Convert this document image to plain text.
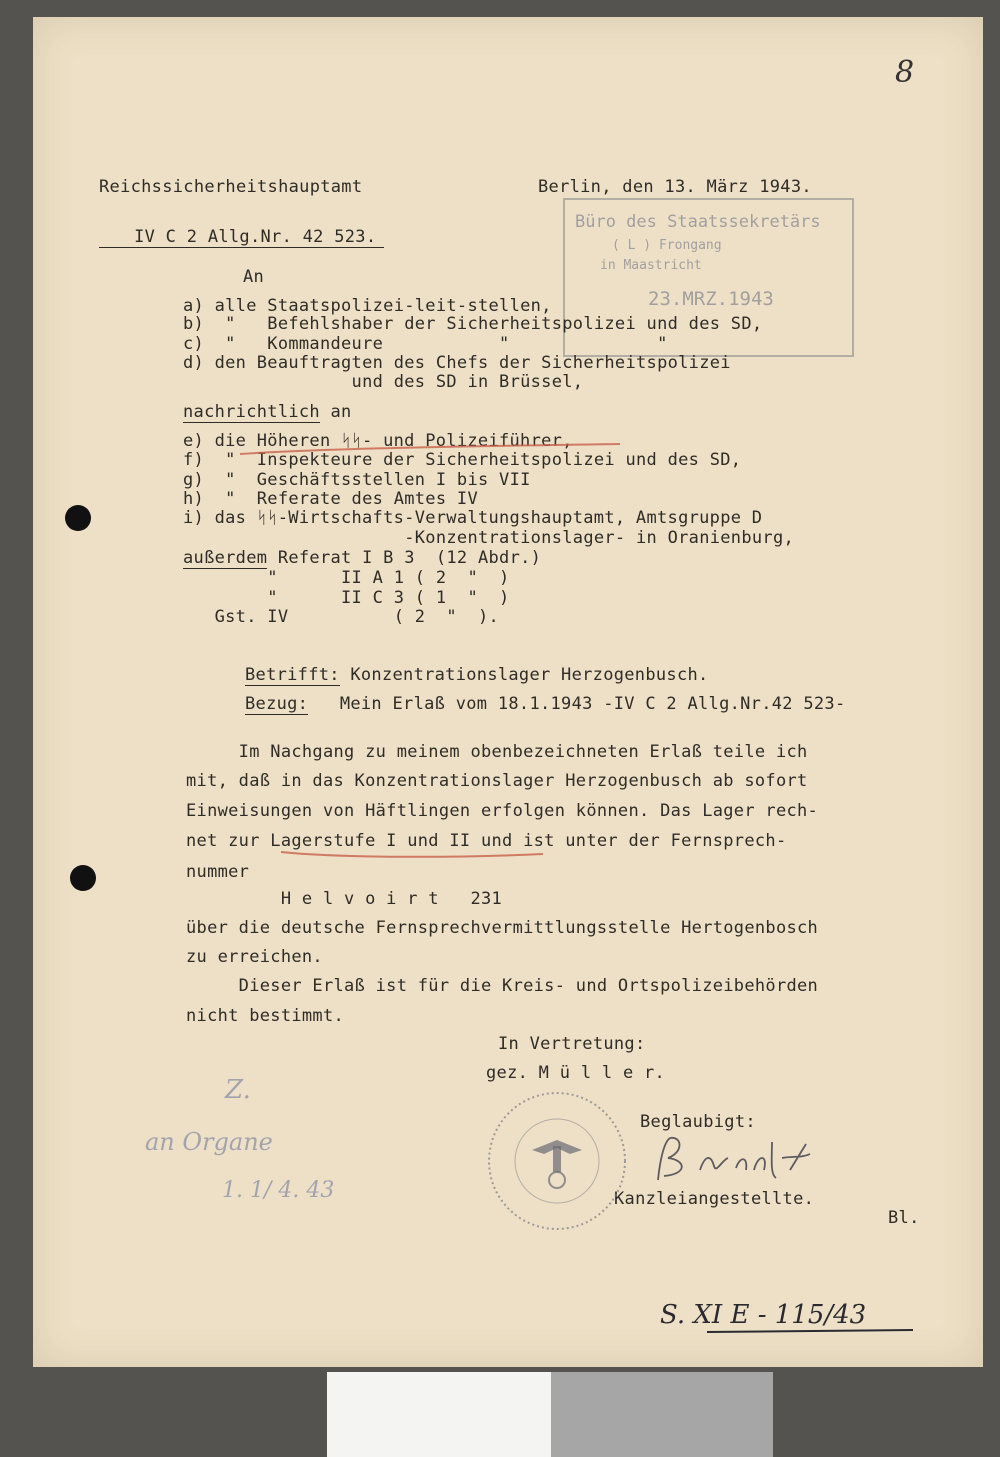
8
Reichssicherheitshauptamt

IV C 2 Allg.Nr. 42 523.

Berlin, den 13. März 1943.
Büro des Staatssekretärs
( L ) Frongang
in Maastricht
23.MRZ.1943
An
a) alle Staatspolizei-leit-stellen,
b)  "   Befehlshaber der Sicherheitspolizei und des SD,
c)  "   Kommandeure           "              "
d) den Beauftragten des Chefs der Sicherheitspolizei
und des SD in Brüssel,
nachrichtlich an
e) die Höheren ᛋᛋ- und Polizeiführer,
f)  "  Inspekteure der Sicherheitspolizei und des SD,
g)  "  Geschäftsstellen I bis VII
h)  "  Referate des Amtes IV
i) das ᛋᛋ-Wirtschafts-Verwaltungshauptamt, Amtsgruppe D
-Konzentrationslager- in Oranienburg,
außerdem Referat I B 3  (12 Abdr.)
"      II A 1 ( 2  "  )
"      II C 3 ( 1  "  )
Gst. IV          ( 2  "  ).
Betrifft: Konzentrationslager Herzogenbusch.
Bezug:   Mein Erlaß vom 18.1.1943 -IV C 2 Allg.Nr.42 523-
Im Nachgang zu meinem obenbezeichneten Erlaß teile ich
mit, daß in das Konzentrationslager Herzogenbusch ab sofort
Einweisungen von Häftlingen erfolgen können. Das Lager rech-
net zur Lagerstufe I und II und ist unter der Fernsprech-
nummer
H e l v o i r t   231
über die deutsche Fernsprechvermittlungsstelle Hertogenbosch
zu erreichen.
Dieser Erlaß ist für die Kreis- und Ortspolizeibehörden
nicht bestimmt.
In Vertretung:
gez. M ü l l e r.
Beglaubigt:
Kanzleiangestellte.
Bl.
Z.
an Organe
1. 1/ 4. 43
S. XI E - 115/43
